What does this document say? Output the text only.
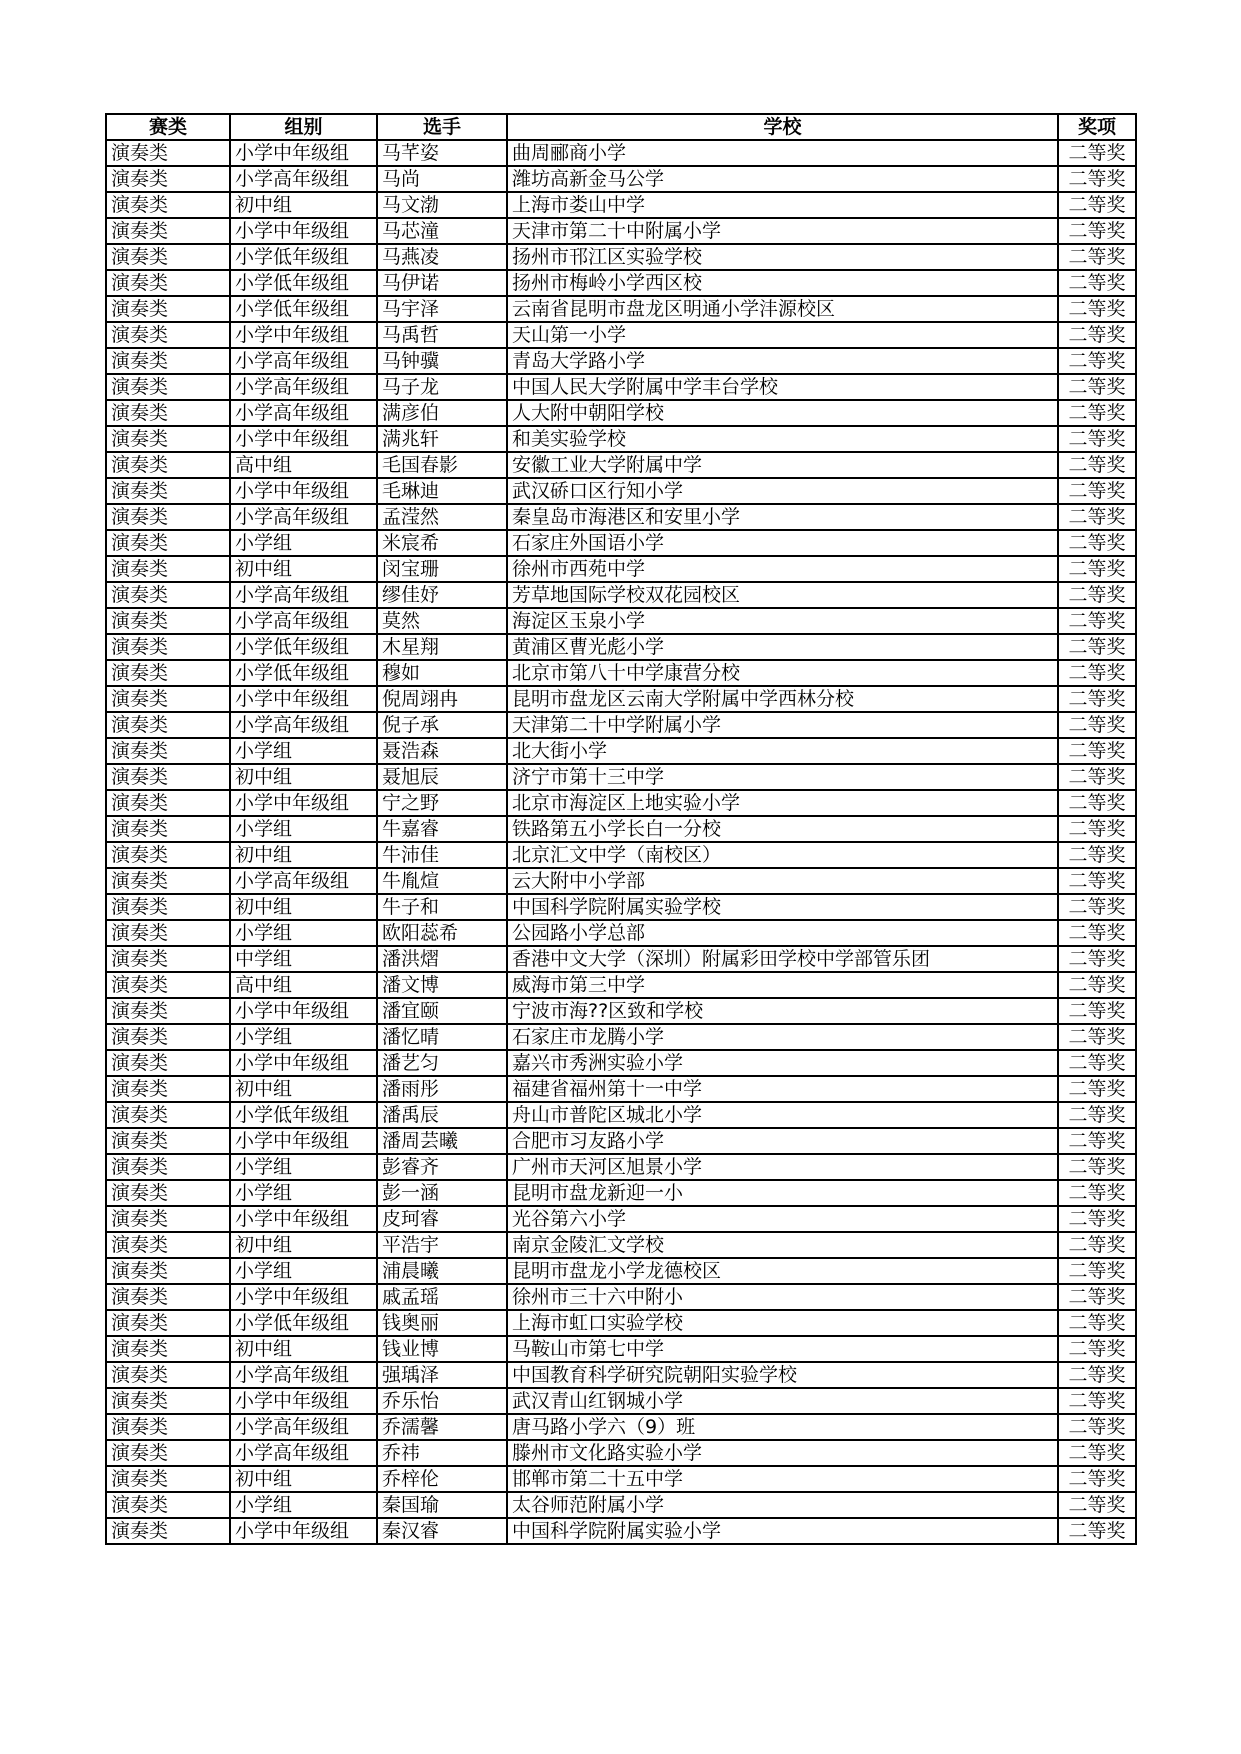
赛类	组别	选手	学校	奖项
演奏类	小学中年级组	马芊姿	曲周郦商小学	二等奖
演奏类	小学高年级组	马尚	潍坊高新金马公学	二等奖
演奏类	初中组	马文渤	上海市娄山中学	二等奖
演奏类	小学中年级组	马芯潼	天津市第二十中附属小学	二等奖
演奏类	小学低年级组	马燕凌	扬州市邗江区实验学校	二等奖
演奏类	小学低年级组	马伊诺	扬州市梅岭小学西区校	二等奖
演奏类	小学低年级组	马宇泽	云南省昆明市盘龙区明通小学沣源校区	二等奖
演奏类	小学中年级组	马禹哲	天山第一小学	二等奖
演奏类	小学高年级组	马钟骥	青岛大学路小学	二等奖
演奏类	小学高年级组	马子龙	中国人民大学附属中学丰台学校	二等奖
演奏类	小学高年级组	满彦伯	人大附中朝阳学校	二等奖
演奏类	小学中年级组	满兆轩	和美实验学校	二等奖
演奏类	高中组	毛国春影	安徽工业大学附属中学	二等奖
演奏类	小学中年级组	毛琳迪	武汉硚口区行知小学	二等奖
演奏类	小学高年级组	孟滢然	秦皇岛市海港区和安里小学	二等奖
演奏类	小学组	米宸希	石家庄外国语小学	二等奖
演奏类	初中组	闵宝珊	徐州市西苑中学	二等奖
演奏类	小学高年级组	缪佳妤	芳草地国际学校双花园校区	二等奖
演奏类	小学高年级组	莫然	海淀区玉泉小学	二等奖
演奏类	小学低年级组	木星翔	黄浦区曹光彪小学	二等奖
演奏类	小学低年级组	穆如	北京市第八十中学康营分校	二等奖
演奏类	小学中年级组	倪周翊冉	昆明市盘龙区云南大学附属中学西林分校	二等奖
演奏类	小学高年级组	倪子承	天津第二十中学附属小学	二等奖
演奏类	小学组	聂浩森	北大街小学	二等奖
演奏类	初中组	聂旭辰	济宁市第十三中学	二等奖
演奏类	小学中年级组	宁之野	北京市海淀区上地实验小学	二等奖
演奏类	小学组	牛嘉睿	铁路第五小学长白一分校	二等奖
演奏类	初中组	牛沛佳	北京汇文中学（南校区）	二等奖
演奏类	小学高年级组	牛胤煊	云大附中小学部	二等奖
演奏类	初中组	牛子和	中国科学院附属实验学校	二等奖
演奏类	小学组	欧阳蕊希	公园路小学总部	二等奖
演奏类	中学组	潘洪熠	香港中文大学（深圳）附属彩田学校中学部管乐团	二等奖
演奏类	高中组	潘文博	威海市第三中学	二等奖
演奏类	小学中年级组	潘宜颐	宁波市海??区致和学校	二等奖
演奏类	小学组	潘忆晴	石家庄市龙腾小学	二等奖
演奏类	小学中年级组	潘艺匀	嘉兴市秀洲实验小学	二等奖
演奏类	初中组	潘雨彤	福建省福州第十一中学	二等奖
演奏类	小学低年级组	潘禹辰	舟山市普陀区城北小学	二等奖
演奏类	小学中年级组	潘周芸曦	合肥市习友路小学	二等奖
演奏类	小学组	彭睿齐	广州市天河区旭景小学	二等奖
演奏类	小学组	彭一涵	昆明市盘龙新迎一小	二等奖
演奏类	小学中年级组	皮珂睿	光谷第六小学	二等奖
演奏类	初中组	平浩宇	南京金陵汇文学校	二等奖
演奏类	小学组	浦晨曦	昆明市盘龙小学龙德校区	二等奖
演奏类	小学中年级组	戚孟瑶	徐州市三十六中附小	二等奖
演奏类	小学低年级组	钱奥丽	上海市虹口实验学校	二等奖
演奏类	初中组	钱业博	马鞍山市第七中学	二等奖
演奏类	小学高年级组	强瑀泽	中国教育科学研究院朝阳实验学校	二等奖
演奏类	小学中年级组	乔乐怡	武汉青山红钢城小学	二等奖
演奏类	小学高年级组	乔濡馨	唐马路小学六（9）班	二等奖
演奏类	小学高年级组	乔祎	滕州市文化路实验小学	二等奖
演奏类	初中组	乔梓伦	邯郸市第二十五中学	二等奖
演奏类	小学组	秦国瑜	太谷师范附属小学	二等奖
演奏类	小学中年级组	秦汉睿	中国科学院附属实验小学	二等奖
